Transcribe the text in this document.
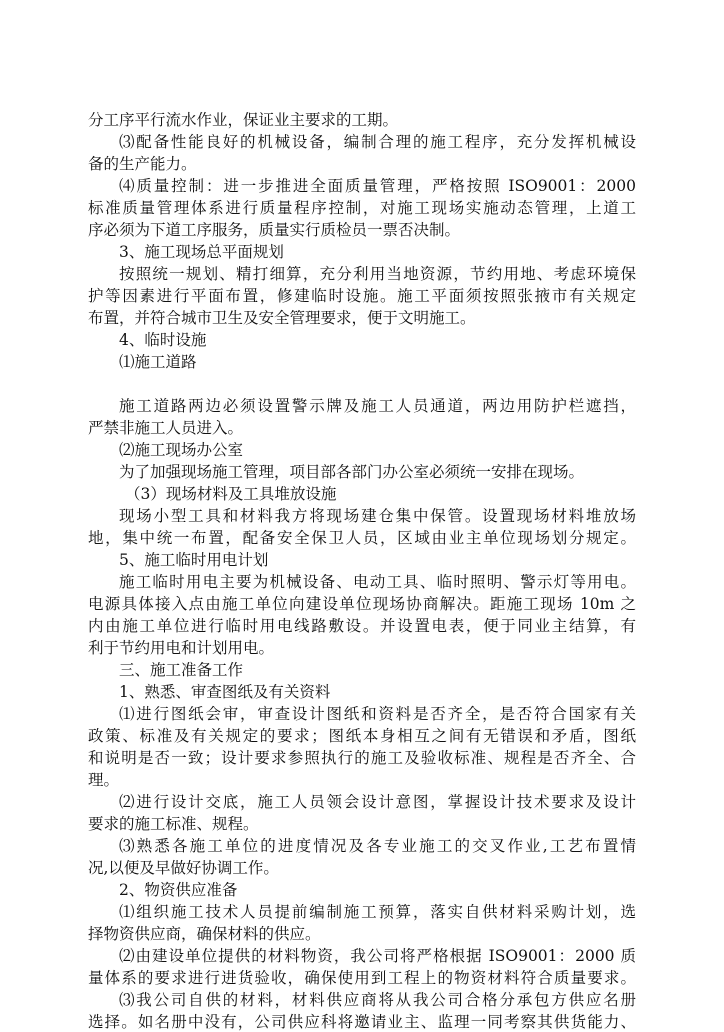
分工序平行流水作业，保证业主要求的工期。
⑶配备性能良好的机械设备，编制合理的施工程序，充分发挥机械设
备的生产能力。
⑷质量控制：进一步推进全面质量管理，严格按照 ISO9001：2000
标准质量管理体系进行质量程序控制，对施工现场实施动态管理，上道工
序必须为下道工序服务，质量实行质检员一票否决制。
3、施工现场总平面规划
按照统一规划、精打细算，充分利用当地资源，节约用地、考虑环境保
护等因素进行平面布置，修建临时设施。施工平面须按照张掖市有关规定
布置，并符合城市卫生及安全管理要求，便于文明施工。
4、临时设施
⑴施工道路
施工道路两边必须设置警示牌及施工人员通道，两边用防护栏遮挡，
严禁非施工人员进入。
⑵施工现场办公室
为了加强现场施工管理，项目部各部门办公室必须统一安排在现场。
（3）现场材料及工具堆放设施
现场小型工具和材料我方将现场建仓集中保管。设置现场材料堆放场
地，集中统一布置，配备安全保卫人员，区域由业主单位现场划分规定。
5、施工临时用电计划
施工临时用电主要为机械设备、电动工具、临时照明、警示灯等用电。
电源具体接入点由施工单位向建设单位现场协商解决。距施工现场 10m 之
内由施工单位进行临时用电线路敷设。并设置电表，便于同业主结算，有
利于节约用电和计划用电。
三、施工准备工作
1、熟悉、审查图纸及有关资料
⑴进行图纸会审，审查设计图纸和资料是否齐全，是否符合国家有关
政策、标准及有关规定的要求；图纸本身相互之间有无错误和矛盾，图纸
和说明是否一致；设计要求参照执行的施工及验收标准、规程是否齐全、合
理。
⑵进行设计交底，施工人员领会设计意图，掌握设计技术要求及设计
要求的施工标准、规程。
⑶熟悉各施工单位的进度情况及各专业施工的交叉作业,工艺布置情
况,以便及早做好协调工作。
2、物资供应准备
⑴组织施工技术人员提前编制施工预算，落实自供材料采购计划，选
择物资供应商，确保材料的供应。
⑵由建设单位提供的材料物资，我公司将严格根据 ISO9001：2000 质
量体系的要求进行进货验收，确保使用到工程上的物资材料符合质量要求。
⑶我公司自供的材料，材料供应商将从我公司合格分承包方供应名册
选择。如名册中没有，公司供应科将邀请业主、监理一同考察其供货能力、
